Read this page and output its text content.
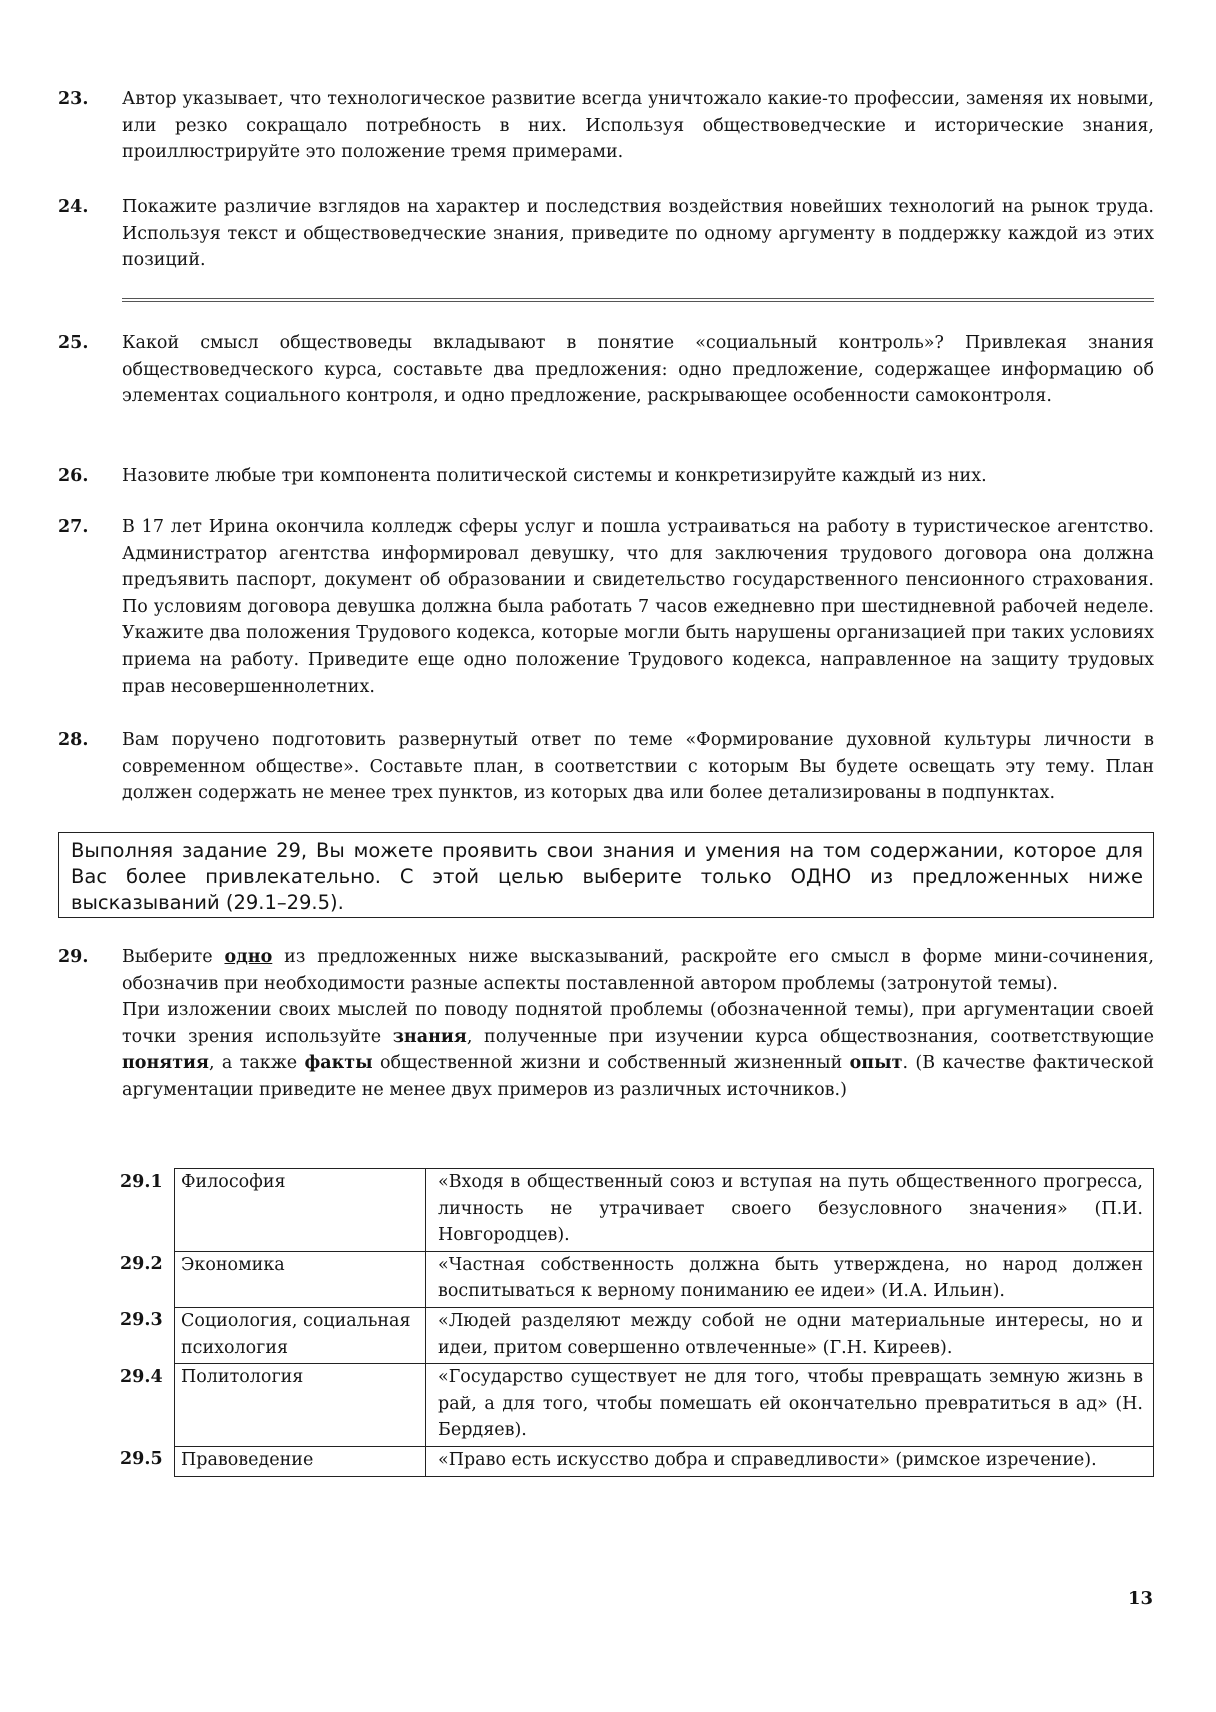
23. Автор указывает, что технологическое развитие всегда уничтожало какие-то профессии, заменяя их новыми, или резко сокращало потребность в них. Используя обществоведческие и исторические знания, проиллюстрируйте это положение тремя примерами.
24. Покажите различие взглядов на характер и последствия воздействия новейших технологий на рынок труда. Используя текст и обществоведческие знания, приведите по одному аргументу в поддержку каждой из этих позиций.
25. Какой смысл обществоведы вкладывают в понятие «социальный контроль»? Привлекая знания обществоведческого курса, составьте два предложения: одно предложение, содержащее информацию об элементах социального контроля, и одно предложение, раскрывающее особенности самоконтроля.
26. Назовите любые три компонента политической системы и конкретизируйте каждый из них.
27. В 17 лет Ирина окончила колледж сферы услуг и пошла устраиваться на работу в туристическое агентство. Администратор агентства информировал девушку, что для заключения трудового договора она должна предъявить паспорт, документ об образовании и свидетельство государственного пенсионного страхования. По условиям договора девушка должна была работать 7 часов ежедневно при шестидневной рабочей неделе. Укажите два положения Трудового кодекса, которые могли быть нарушены организацией при таких условиях приема на работу. Приведите еще одно положение Трудового кодекса, направленное на защиту трудовых прав несовершеннолетних.
28. Вам поручено подготовить развернутый ответ по теме «Формирование духовной культуры личности в современном обществе». Составьте план, в соответствии с которым Вы будете освещать эту тему. План должен содержать не менее трех пунктов, из которых два или более детализированы в подпунктах.
Выполняя задание 29, Вы можете проявить свои знания и умения на том содержании, которое для Вас более привлекательно. С этой целью выберите только ОДНО из предложенных ниже высказываний (29.1–29.5).
29. Выберите одно из предложенных ниже высказываний, раскройте его смысл в форме мини-сочинения, обозначив при необходимости разные аспекты поставленной автором проблемы (затронутой темы).

При изложении своих мыслей по поводу поднятой проблемы (обозначенной темы), при аргументации своей точки зрения используйте знания, полученные при изучении курса обществознания, соответствующие понятия, а также факты общественной жизни и собственный жизненный опыт. (В качестве фактической аргументации приведите не менее двух примеров из различных источников.)

29.1	Философия	«Входя в общественный союз и вступая на путь общественного прогресса, личность не утрачивает своего безусловного значения» (П.И. Новгородцев).
29.2	Экономика	«Частная собственность должна быть утверждена, но народ должен воспитываться к верному пониманию ее идеи» (И.А. Ильин).
29.3	Социология, социальная психология	«Людей разделяют между собой не одни материальные интересы, но и идеи, притом совершенно отвлеченные» (Г.Н. Киреев).
29.4	Политология	«Государство существует не для того, чтобы превращать земную жизнь в рай, а для того, чтобы помешать ей окончательно превратиться в ад» (Н. Бердяев).
29.5	Правоведение	«Право есть искусство добра и справедливости» (римское изречение).
13
